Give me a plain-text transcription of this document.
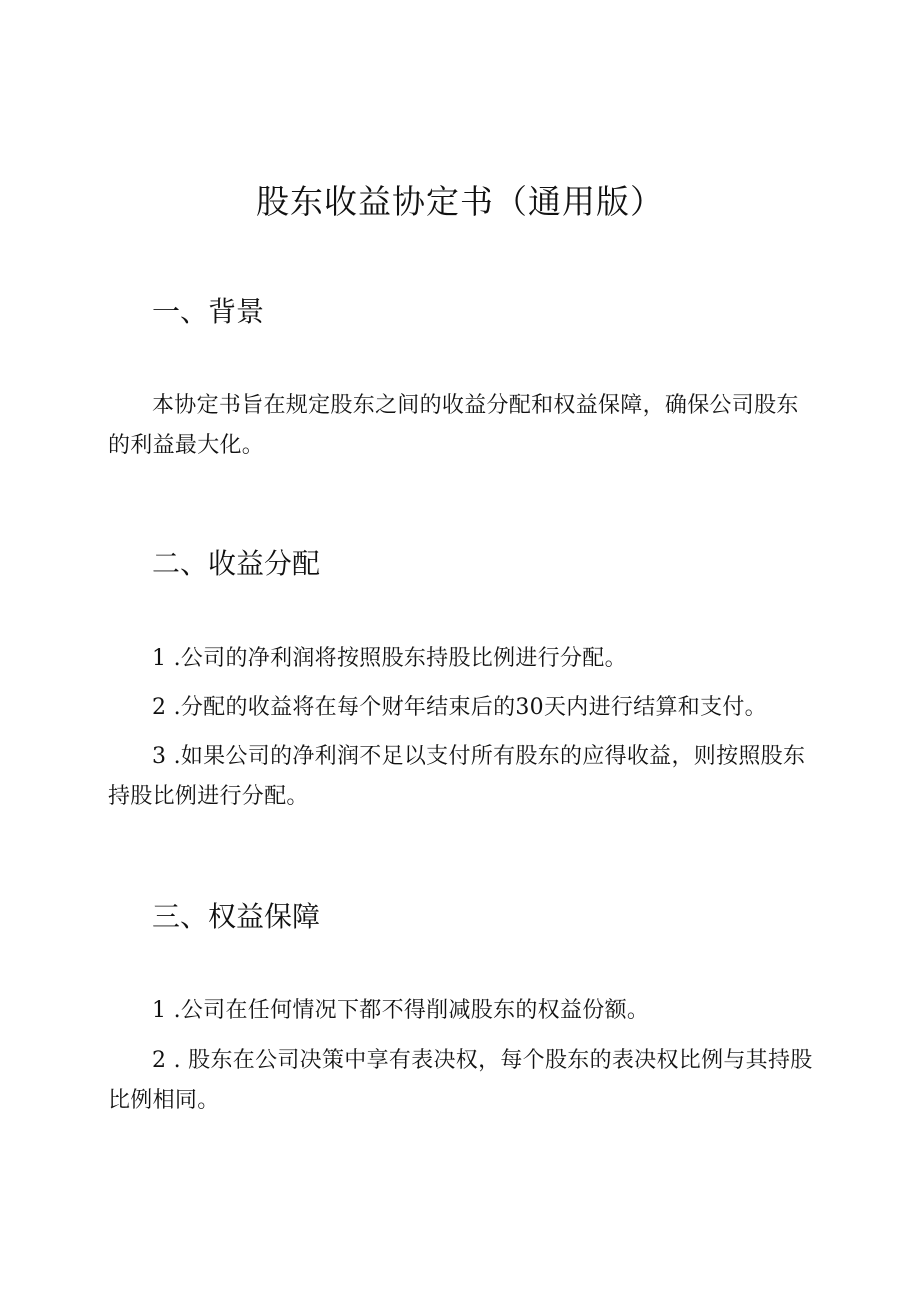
股东收益协定书（通用版）
一、背景
本协定书旨在规定股东之间的收益分配和权益保障，确保公司股东的利益最大化。
二、收益分配
1 .公司的净利润将按照股东持股比例进行分配。
2 .分配的收益将在每个财年结束后的30天内进行结算和支付。
3 .如果公司的净利润不足以支付所有股东的应得收益，则按照股东持股比例进行分配。
三、权益保障
1 .公司在任何情况下都不得削减股东的权益份额。
2 . 股东在公司决策中享有表决权，每个股东的表决权比例与其持股比例相同。
